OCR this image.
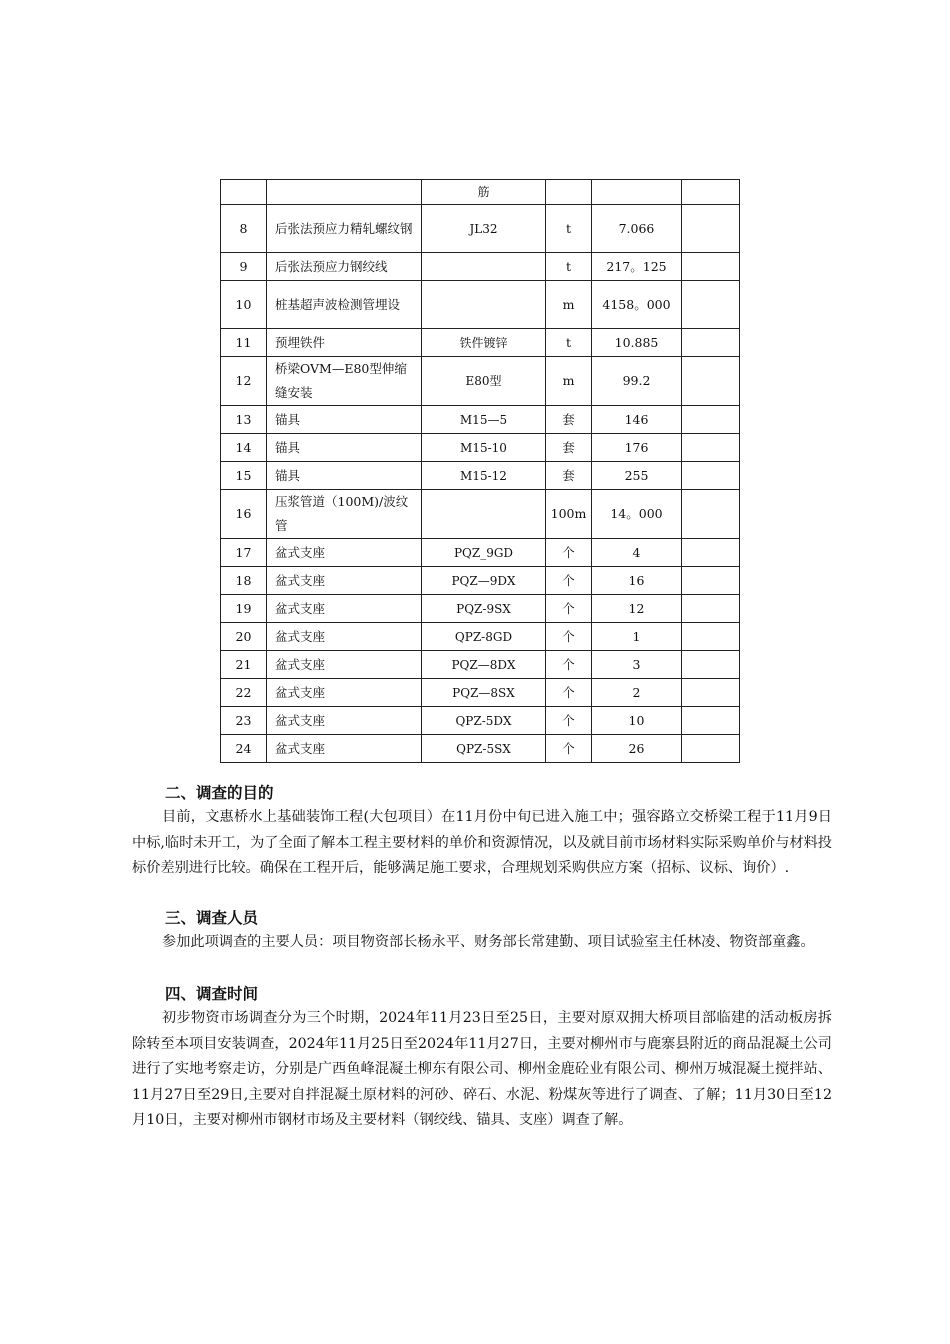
		筋			
8	后张法预应力精轧螺纹钢	JL32	t	7.066	
9	后张法预应力钢绞线		t	217。125	
10	桩基超声波检测管埋设		m	4158。000	
11	预埋铁件	铁件镀锌	t	10.885	
12	桥梁OVM—E80型伸缩缝安装	E80型	m	99.2	
13	锚具	M15—5	套	146	
14	锚具	M15-10	套	176	
15	锚具	M15-12	套	255	
16	压浆管道（100M)/波纹管		100m	14。000	
17	盆式支座	PQZ_9GD	个	4	
18	盆式支座	PQZ—9DX	个	16	
19	盆式支座	PQZ-9SX	个	12	
20	盆式支座	QPZ-8GD	个	1	
21	盆式支座	PQZ—8DX	个	3	
22	盆式支座	PQZ—8SX	个	2	
23	盆式支座	QPZ-5DX	个	10	
24	盆式支座	QPZ-5SX	个	26	
二、调查的目的

目前，文惠桥水上基础装饰工程(大包项目）在11月份中旬已进入施工中；强容路立交桥梁工程于11月9日中标,临时未开工，为了全面了解本工程主要材料的单价和资源情况，以及就目前市场材料实际采购单价与材料投标价差别进行比较。确保在工程开后，能够满足施工要求，合理规划采购供应方案（招标、议标、询价）.

三、调查人员

参加此项调查的主要人员：项目物资部长杨永平、财务部长常建勤、项目试验室主任林凌、物资部童鑫。

四、调查时间

初步物资市场调查分为三个时期，2024年11月23日至25日，主要对原双拥大桥项目部临建的活动板房拆除转至本项目安装调查，2024年11月25日至2024年11月27日，主要对柳州市与鹿寨县附近的商品混凝土公司进行了实地考察走访，分别是广西鱼峰混凝土柳东有限公司、柳州金鹿砼业有限公司、柳州万城混凝土搅拌站、11月27日至29日,主要对自拌混凝土原材料的河砂、碎石、水泥、粉煤灰等进行了调查、了解；11月30日至12月10日，主要对柳州市钢材市场及主要材料（钢绞线、锚具、支座）调查了解。
